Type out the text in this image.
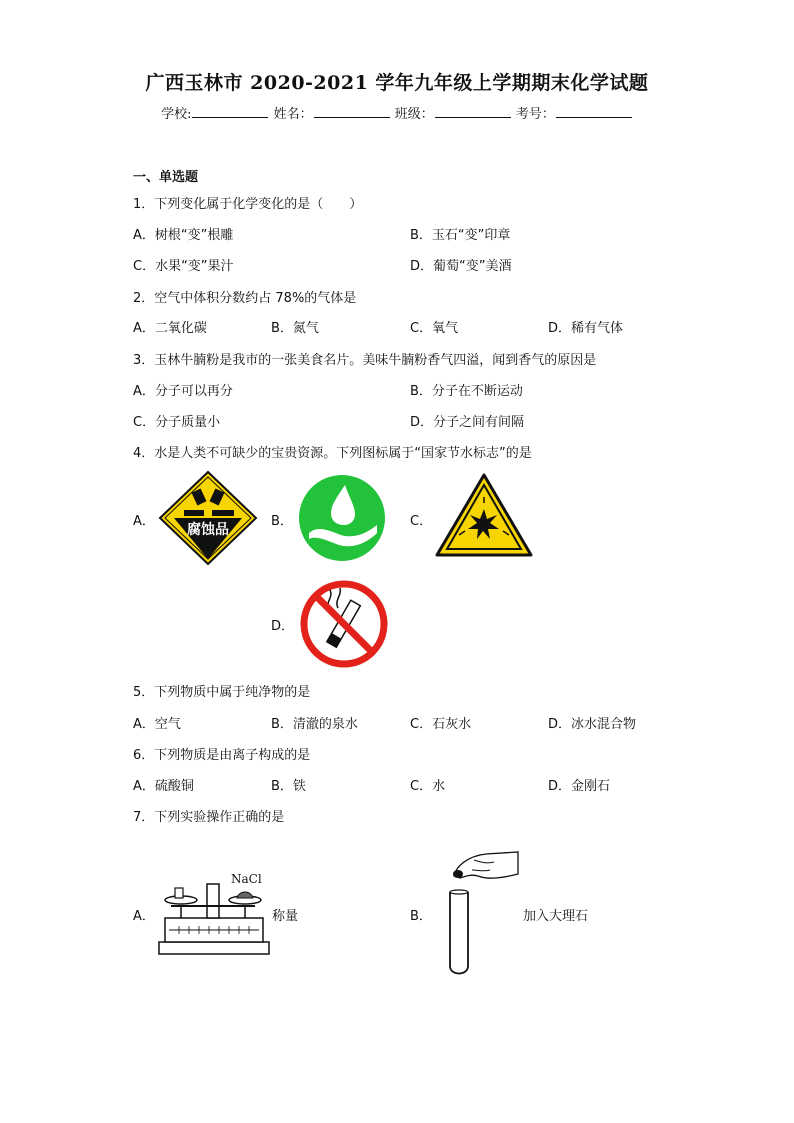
广西玉林市 2020-2021 学年九年级上学期期末化学试题
学校:	姓名：	班级：	考号：
一、单选题
1．下列变化属于化学变化的是（　　）
A．树根“变”根雕	B．玉石“变”印章
C．水果“变”果汁	D．葡萄“变”美酒
2．空气中体积分数约占 78%的气体是
A．二氧化碳	B．氮气	C．氧气	D．稀有气体
3．玉林牛腩粉是我市的一张美食名片。美味牛腩粉香气四溢，闻到香气的原因是
A．分子可以再分	B．分子在不断运动
C．分子质量小	D．分子之间有间隔
4．水是人类不可缺少的宝贵资源。下列图标属于“国家节水标志”的是
A．	B．	C．
D．
腐蚀品
5．下列物质中属于纯净物的是
A．空气	B．清澈的泉水	C．石灰水	D．冰水混合物
6．下列物质是由离子构成的是
A．硫酸铜	B．铁	C．水	D．金刚石
7．下列实验操作正确的是
A．	B．
称量	加入大理石
NaCl
